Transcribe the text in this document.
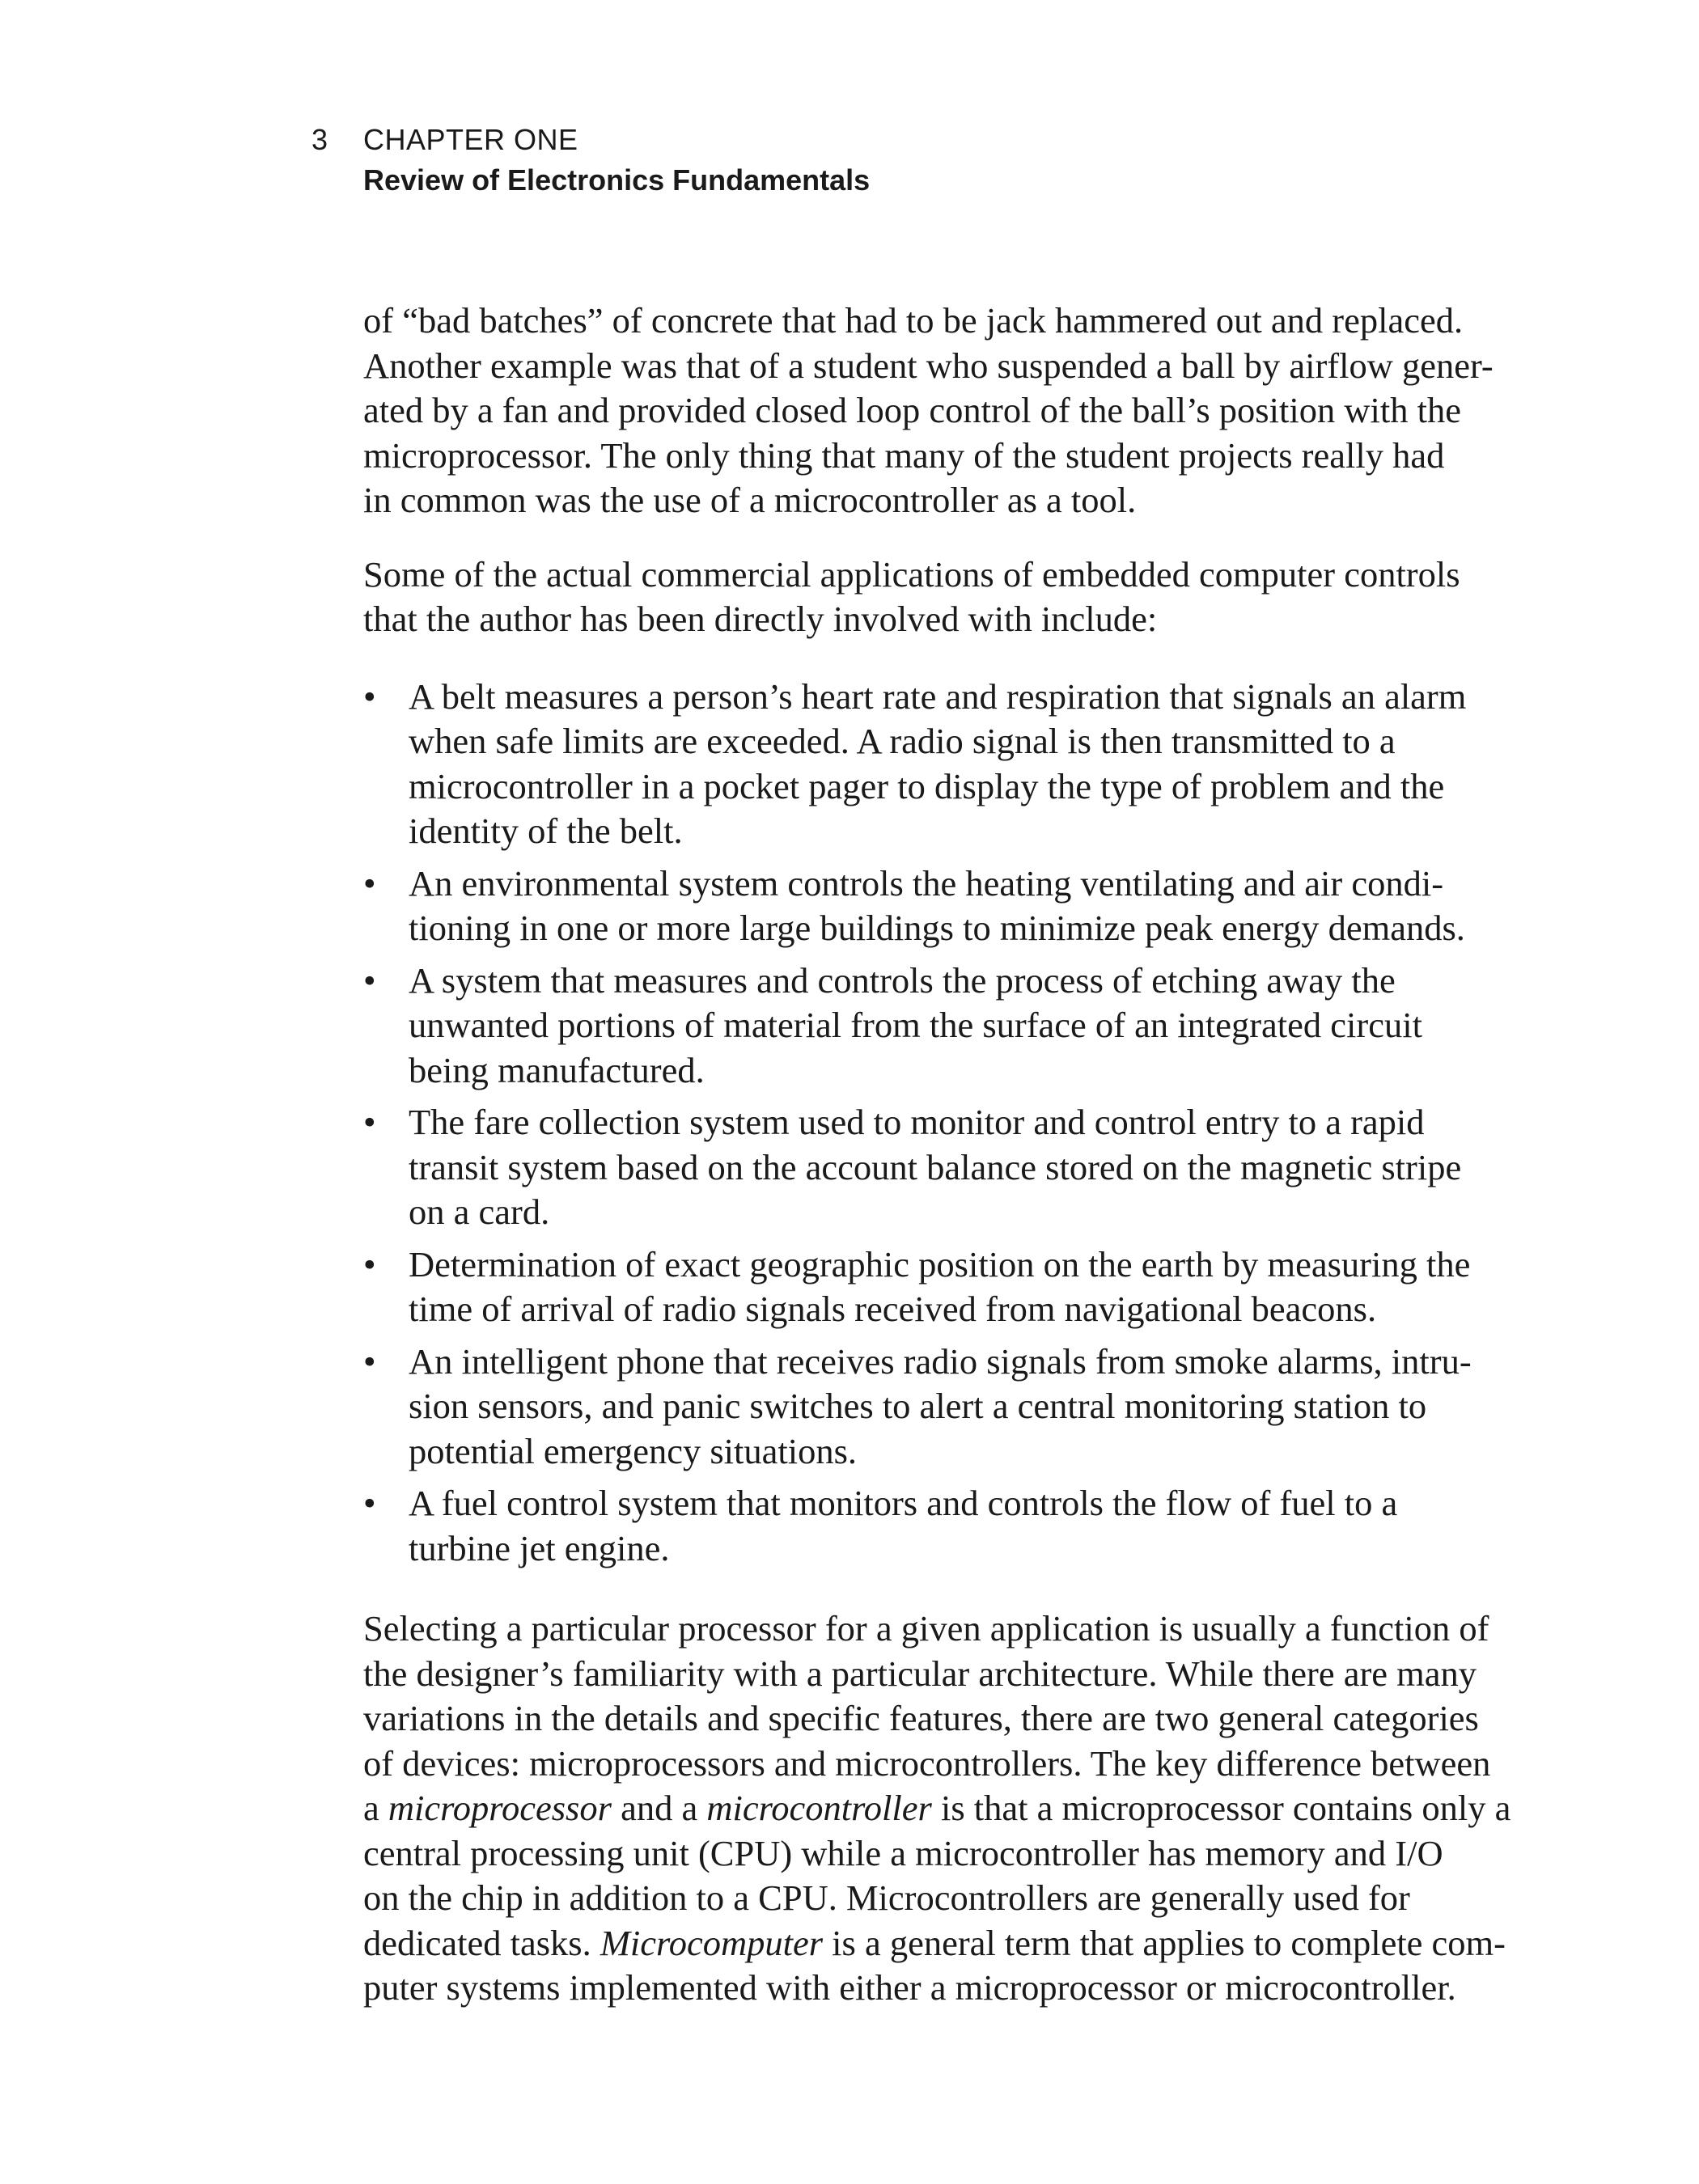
3 CHAPTER ONE
Review of Electronics Fundamentals

of “bad batches” of concrete that had to be jack hammered out and replaced.
Another example was that of a student who suspended a ball by airflow gener-
ated by a fan and provided closed loop control of the ball’s position with the
microprocessor. The only thing that many of the student projects really had
in common was the use of a microcontroller as a tool.

Some of the actual commercial applications of embedded computer controls
that the author has been directly involved with include:

• A belt measures a person’s heart rate and respiration that signals an alarm
when safe limits are exceeded. A radio signal is then transmitted to a
microcontroller in a pocket pager to display the type of problem and the
identity of the belt.
• An environmental system controls the heating ventilating and air condi-
tioning in one or more large buildings to minimize peak energy demands.
• A system that measures and controls the process of etching away the
unwanted portions of material from the surface of an integrated circuit
being manufactured.
• The fare collection system used to monitor and control entry to a rapid
transit system based on the account balance stored on the magnetic stripe
on a card.
• Determination of exact geographic position on the earth by measuring the
time of arrival of radio signals received from navigational beacons.
• An intelligent phone that receives radio signals from smoke alarms, intru-
sion sensors, and panic switches to alert a central monitoring station to
potential emergency situations.
• A fuel control system that monitors and controls the flow of fuel to a
turbine jet engine.

Selecting a particular processor for a given application is usually a function of
the designer’s familiarity with a particular architecture. While there are many
variations in the details and specific features, there are two general categories
of devices: microprocessors and microcontrollers. The key difference between
a microprocessor and a microcontroller is that a microprocessor contains only a
central processing unit (CPU) while a microcontroller has memory and I/O
on the chip in addition to a CPU. Microcontrollers are generally used for
dedicated tasks. Microcomputer is a general term that applies to complete com-
puter systems implemented with either a microprocessor or microcontroller.
